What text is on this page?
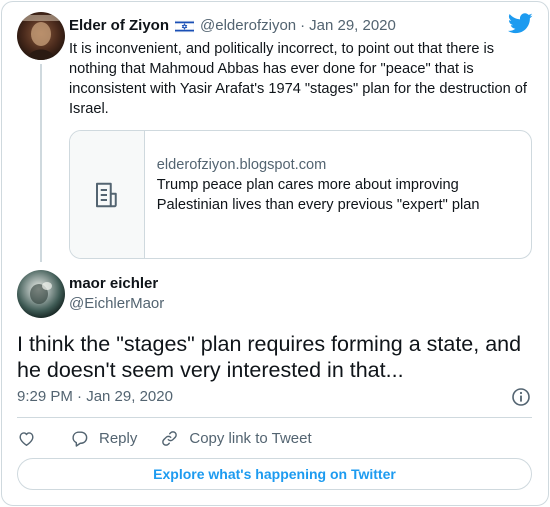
Elder of Ziyon @elderofziyon · Jan 29, 2020
It is inconvenient, and politically incorrect, to point out that there is nothing that Mahmoud Abbas has ever done for "peace" that is inconsistent with Yasir Arafat's 1974 "stages" plan for the destruction of Israel.
elderofziyon.blogspot.com
Trump peace plan cares more about improving Palestinian lives than every previous "expert" plan
maor eichler
@EichlerMaor
I think the "stages" plan requires forming a state, and he doesn't seem very interested in that...
9:29 PM · Jan 29, 2020
Reply	Copy link to Tweet
Explore what's happening on Twitter
